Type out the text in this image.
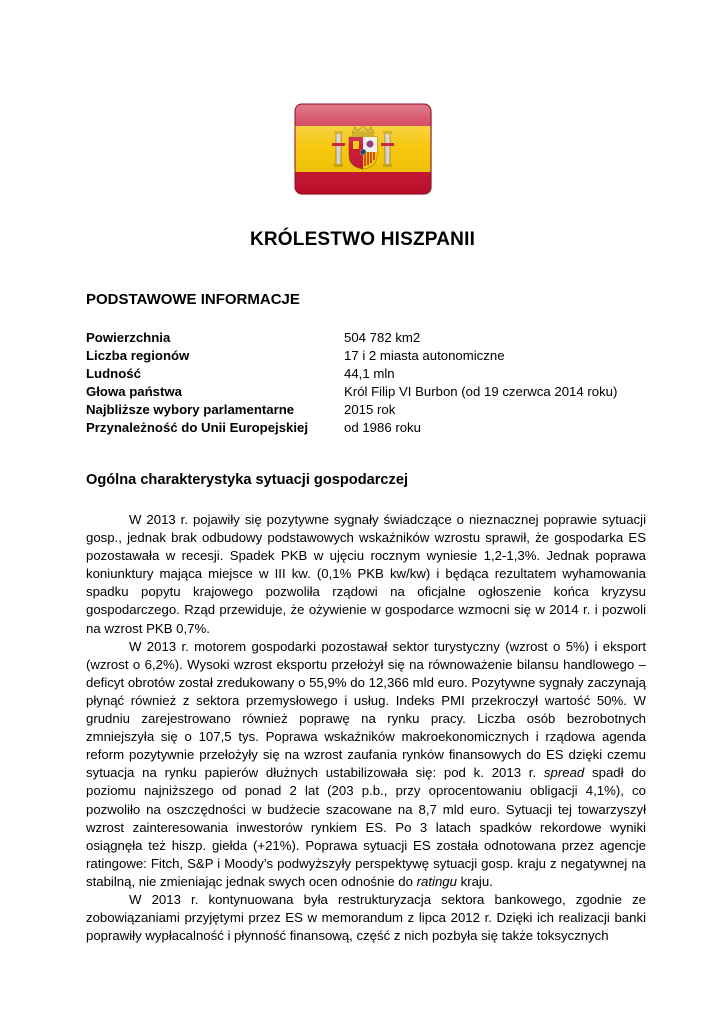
KRÓLESTWO HISZPANII
PODSTAWOWE INFORMACJE
Powierzchnia	504 782 km2
Liczba regionów	17 i 2 miasta autonomiczne
Ludność	44,1 mln
Głowa państwa	Król Filip VI Burbon (od 19 czerwca 2014 roku)
Najbliższe wybory parlamentarne	2015 rok
Przynależność do Unii Europejskiej	od 1986 roku
Ogólna charakterystyka sytuacji gospodarczej

W 2013 r. pojawiły się pozytywne sygnały świadczące o nieznacznej poprawie sytuacji gosp., jednak brak odbudowy podstawowych wskaźników wzrostu sprawił, że gospodarka ES pozostawała w recesji. Spadek PKB w ujęciu rocznym wyniesie 1,2-1,3%. Jednak poprawa koniunktury mająca miejsce w III kw. (0,1% PKB kw/kw) i będąca rezultatem wyhamowania spadku popytu krajowego pozwoliła rządowi na oficjalne ogłoszenie końca kryzysu gospodarczego. Rząd przewiduje, że ożywienie w gospodarce wzmocni się w 2014 r. i pozwoli na wzrost PKB 0,7%.

W 2013 r. motorem gospodarki pozostawał sektor turystyczny (wzrost o 5%) i eksport (wzrost o 6,2%). Wysoki wzrost eksportu przełożył się na równoważenie bilansu handlowego – deficyt obrotów został zredukowany o 55,9% do 12,366 mld euro. Pozytywne sygnały zaczynają płynąć również z sektora przemysłowego i usług. Indeks PMI przekroczył wartość 50%. W grudniu zarejestrowano również poprawę na rynku pracy. Liczba osób bezrobotnych zmniejszyła się o 107,5 tys. Poprawa wskaźników makroekonomicznych i rządowa agenda reform pozytywnie przełożyły się na wzrost zaufania rynków finansowych do ES dzięki czemu sytuacja na rynku papierów dłużnych ustabilizowała się: pod k. 2013 r. spread spadł do poziomu najniższego od ponad 2 lat (203 p.b., przy oprocentowaniu obligacji 4,1%), co pozwoliło na oszczędności w budżecie szacowane na 8,7 mld euro. Sytuacji tej towarzyszył wzrost zainteresowania inwestorów rynkiem ES. Po 3 latach spadków rekordowe wyniki osiągnęła też hiszp. giełda (+21%). Poprawa sytuacji ES została odnotowana przez agencje ratingowe: Fitch, S&P i Moody’s podwyższyły perspektywę sytuacji gosp. kraju z negatywnej na stabilną, nie zmieniając jednak swych ocen odnośnie do ratingu kraju.

W 2013 r. kontynuowana była restrukturyzacja sektora bankowego, zgodnie ze zobowiązaniami przyjętymi przez ES w memorandum z lipca 2012 r. Dzięki ich realizacji banki poprawiły wypłacalność i płynność finansową, część z nich pozbyła się także toksycznych
